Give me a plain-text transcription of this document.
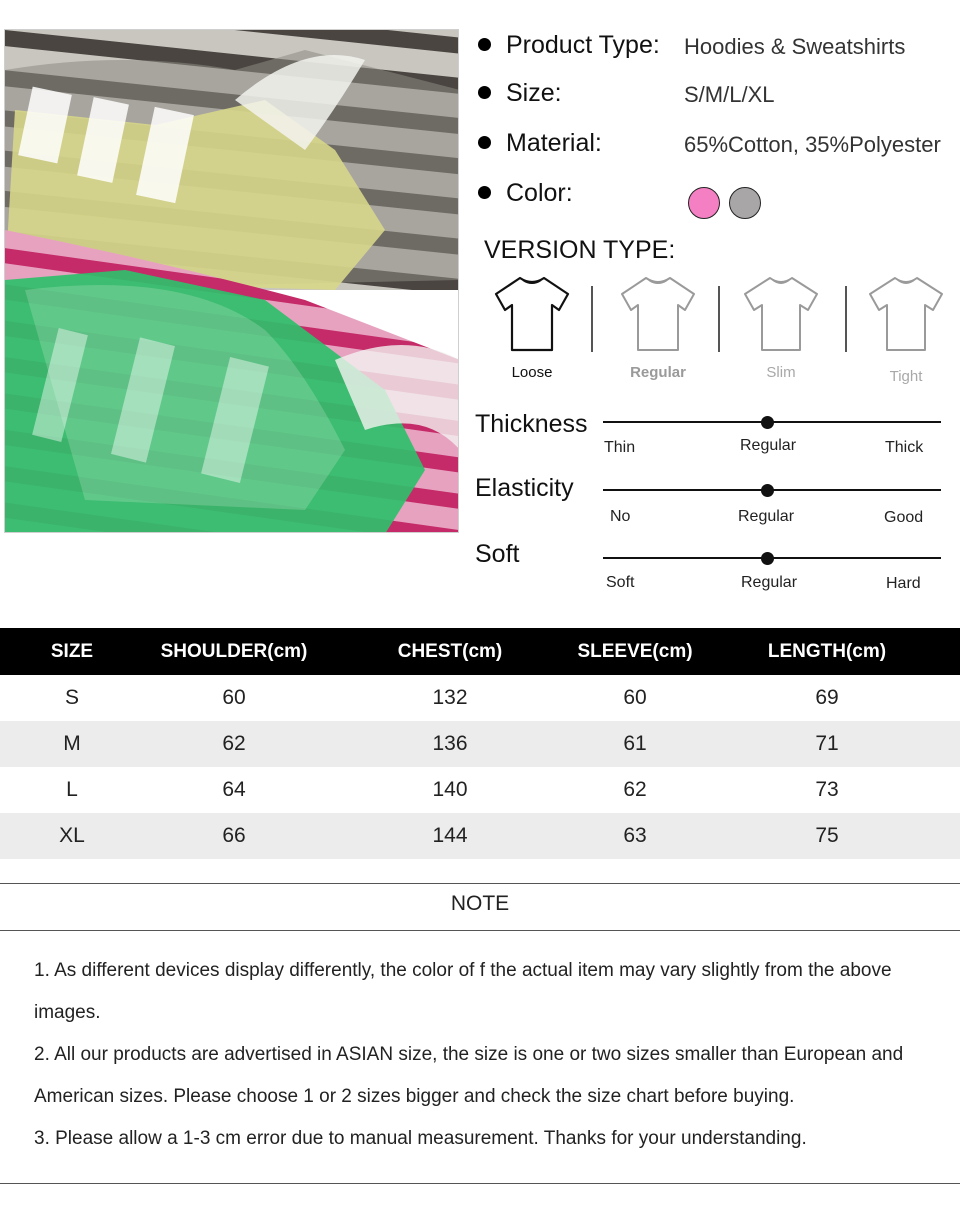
Product Type: Hoodies & Sweatshirts
Size:	S/M/L/XL
Material:	65%Cotton, 35%Polyester
Color:
VERSION TYPE:
Loose	Regular	Slim	Tight
Thickness
Thin	Regular	Thick
Elasticity
No	Regular	Good
Soft
Soft	Regular	Hard
SIZE	SHOULDER(cm)	CHEST(cm)	SLEEVE(cm)	LENGTH(cm)
S	60	132	60	69
M	62	136	61	71
L	64	140	62	73
XL	66	144	63	75
NOTE

1. As different devices display differently, the color of f the actual item may vary slightly from the above images.

2. All our products are advertised in ASIAN size, the size is one or two sizes smaller than European and American sizes. Please choose 1 or 2 sizes bigger and check the size chart before buying.

3. Please allow a 1-3 cm error due to manual measurement. Thanks for your understanding.
